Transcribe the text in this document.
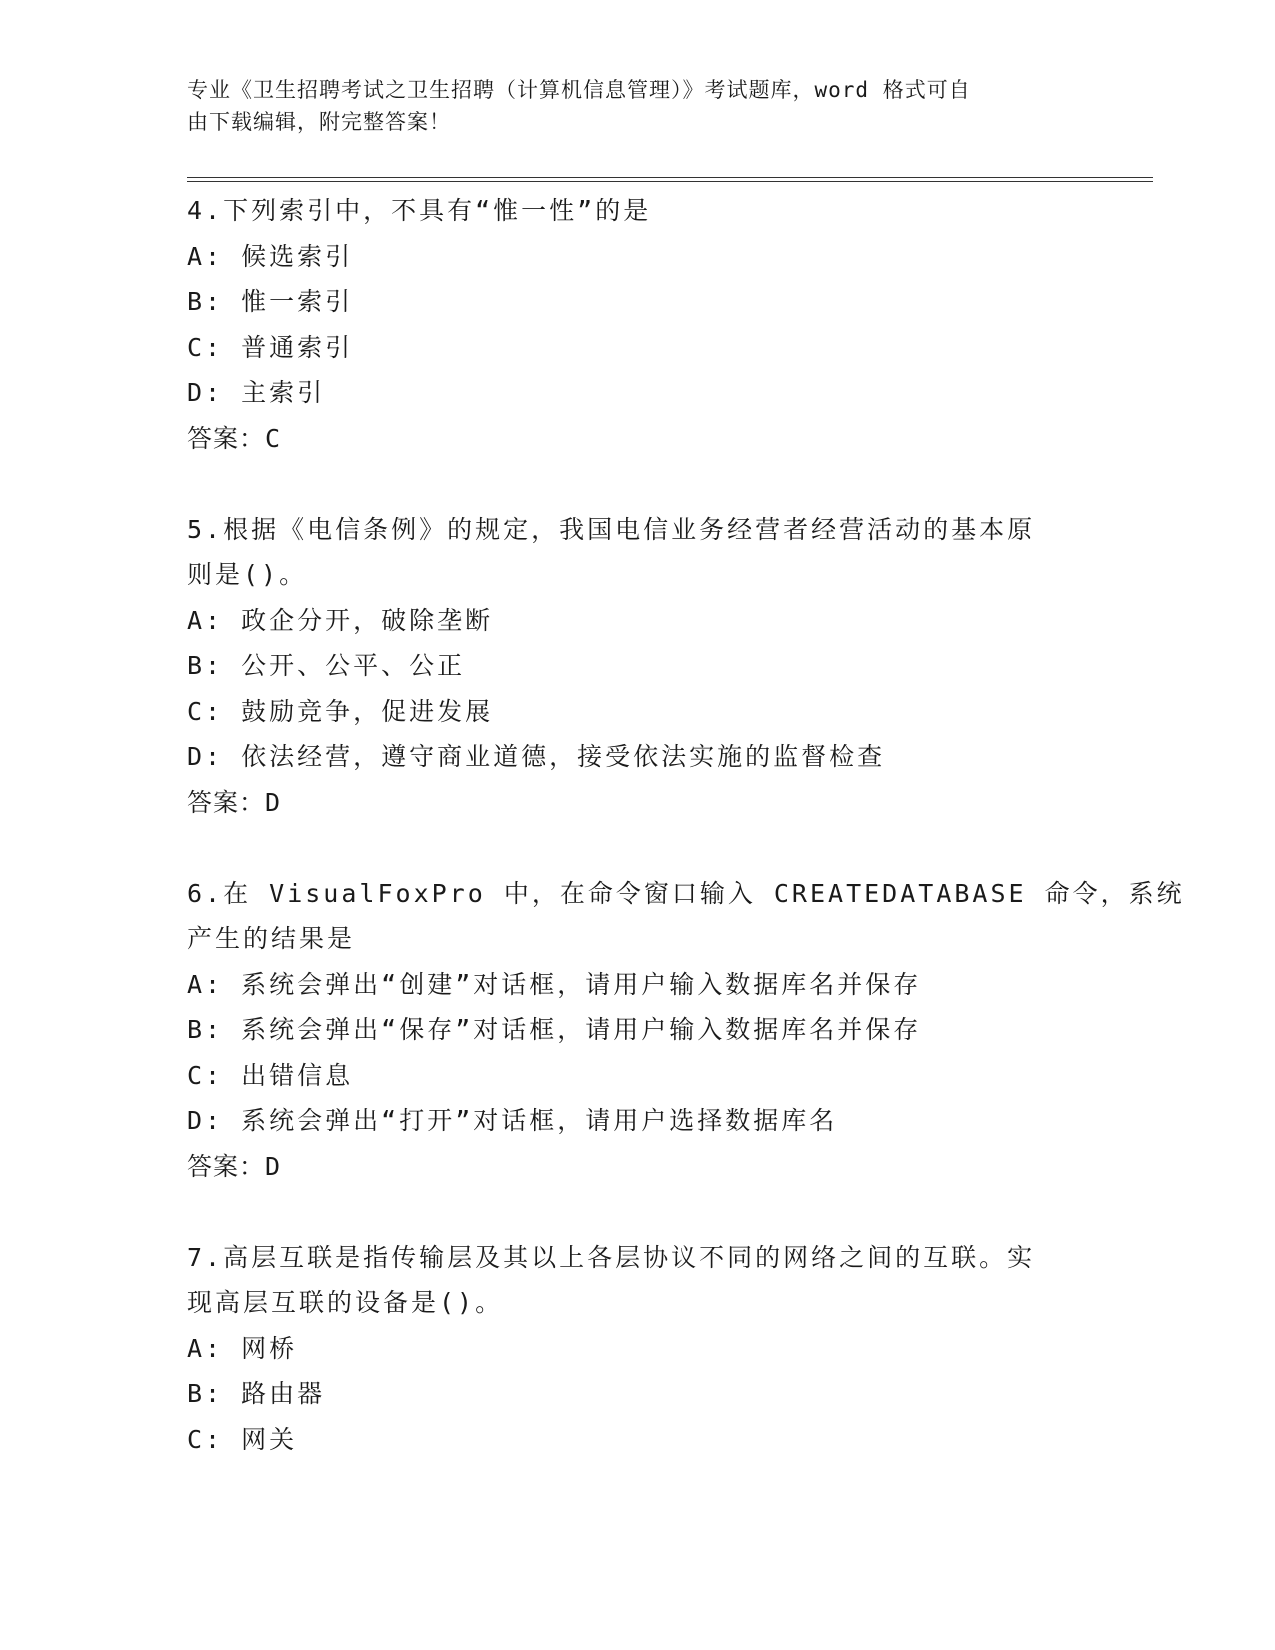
专业《卫生招聘考试之卫生招聘（计算机信息管理）》考试题库，word 格式可自
由下载编辑，附完整答案！
4.下列索引中，不具有“惟一性”的是
A: 候选索引
B: 惟一索引
C: 普通索引
D: 主索引
答案：C
5.根据《电信条例》的规定，我国电信业务经营者经营活动的基本原
则是()。
A: 政企分开，破除垄断
B: 公开、公平、公正
C: 鼓励竞争，促进发展
D: 依法经营，遵守商业道德，接受依法实施的监督检查
答案：D
6.在 VisualFoxPro 中，在命令窗口输入 CREATEDATABASE 命令，系统
产生的结果是
A: 系统会弹出“创建”对话框，请用户输入数据库名并保存
B: 系统会弹出“保存”对话框，请用户输入数据库名并保存
C: 出错信息
D: 系统会弹出“打开”对话框，请用户选择数据库名
答案：D
7.高层互联是指传输层及其以上各层协议不同的网络之间的互联。实
现高层互联的设备是()。
A: 网桥
B: 路由器
C: 网关
